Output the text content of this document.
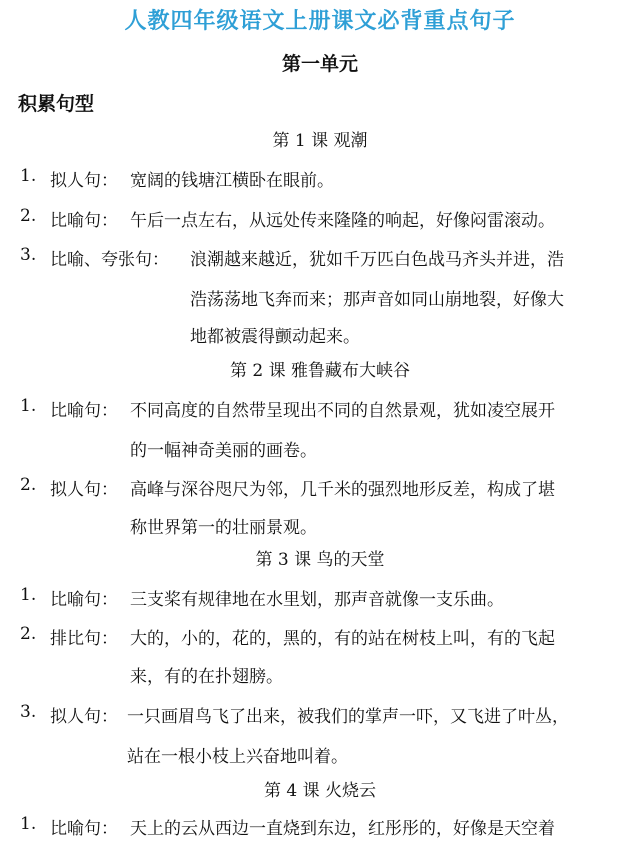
人教四年级语文上册课文必背重点句子
第一单元
积累句型
第 1 课 观潮
1. 拟人句： 宽阔的钱塘江横卧在眼前。
2. 比喻句： 午后一点左右，从远处传来隆隆的响起，好像闷雷滚动。
3. 比喻、夸张句： 浪潮越来越近，犹如千万匹白色战马齐头并进，浩
浩荡荡地飞奔而来；那声音如同山崩地裂，好像大
地都被震得颤动起来。
第 2 课 雅鲁藏布大峡谷
1. 比喻句： 不同高度的自然带呈现出不同的自然景观，犹如凌空展开
的一幅神奇美丽的画卷。
2. 拟人句： 高峰与深谷咫尺为邻，几千米的强烈地形反差，构成了堪
称世界第一的壮丽景观。
第 3 课 鸟的天堂
1. 比喻句： 三支桨有规律地在水里划，那声音就像一支乐曲。
2. 排比句： 大的，小的，花的，黑的，有的站在树枝上叫，有的飞起
来，有的在扑翅膀。
3. 拟人句： 一只画眉鸟飞了出来，被我们的掌声一吓，又飞进了叶丛，
站在一根小枝上兴奋地叫着。
第 4 课 火烧云
1. 比喻句： 天上的云从西边一直烧到东边，红彤彤的，好像是天空着
